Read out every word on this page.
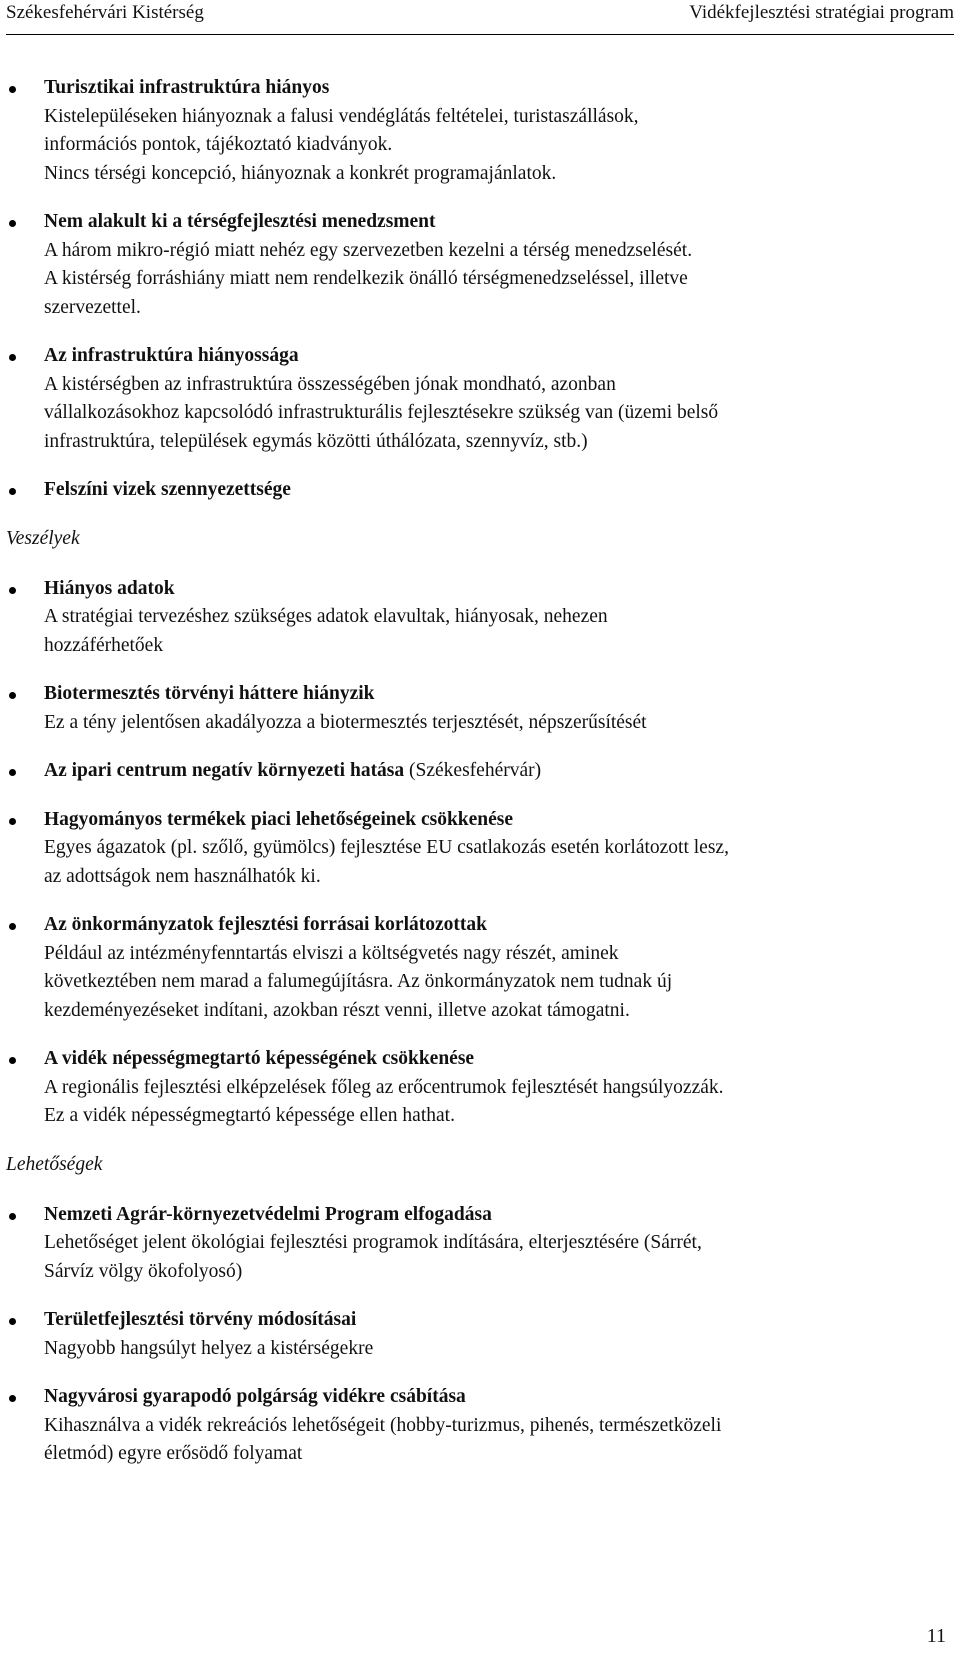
Székesfehérvári Kistérség	Vidékfejlesztési stratégiai program
Turisztikai infrastruktúra hiányos
Kistelepüléseken hiányoznak a falusi vendéglátás feltételei, turistaszállások,
információs pontok, tájékoztató kiadványok.
Nincs térségi koncepció, hiányoznak a konkrét programajánlatok.
Nem alakult ki a térségfejlesztési menedzsment
A három mikro-régió miatt nehéz egy szervezetben kezelni a térség menedzselését.
A kistérség forráshiány miatt nem rendelkezik önálló térségmenedzseléssel, illetve
szervezettel.
Az infrastruktúra hiányossága
A kistérségben az infrastruktúra összességében jónak mondható, azonban
vállalkozásokhoz kapcsolódó infrastrukturális fejlesztésekre szükség van (üzemi belső
infrastruktúra, települések egymás közötti úthálózata, szennyvíz, stb.)
Felszíni vizek szennyezettsége
Veszélyek
Hiányos adatok
A stratégiai tervezéshez szükséges adatok elavultak, hiányosak, nehezen
hozzáférhetőek
Biotermesztés törvényi háttere hiányzik
Ez a tény jelentősen akadályozza a biotermesztés terjesztését, népszerűsítését
Az ipari centrum negatív környezeti hatása (Székesfehérvár)
Hagyományos termékek piaci lehetőségeinek csökkenése
Egyes ágazatok (pl. szőlő, gyümölcs) fejlesztése EU csatlakozás esetén korlátozott lesz,
az adottságok nem használhatók ki.
Az önkormányzatok fejlesztési forrásai korlátozottak
Például az intézményfenntartás elviszi a költségvetés nagy részét, aminek
következtében nem marad a falumegújításra. Az önkormányzatok nem tudnak új
kezdeményezéseket indítani, azokban részt venni, illetve azokat támogatni.
A vidék népességmegtartó képességének csökkenése
A regionális fejlesztési elképzelések főleg az erőcentrumok fejlesztését hangsúlyozzák.
Ez a vidék népességmegtartó képessége ellen hathat.
Lehetőségek
Nemzeti Agrár-környezetvédelmi Program elfogadása
Lehetőséget jelent ökológiai fejlesztési programok indítására, elterjesztésére (Sárrét,
Sárvíz völgy ökofolyosó)
Területfejlesztési törvény módosításai
Nagyobb hangsúlyt helyez a kistérségekre
Nagyvárosi gyarapodó polgárság vidékre csábítása
Kihasználva a vidék rekreációs lehetőségeit (hobby-turizmus, pihenés, természetközeli
életmód) egyre erősödő folyamat
11
